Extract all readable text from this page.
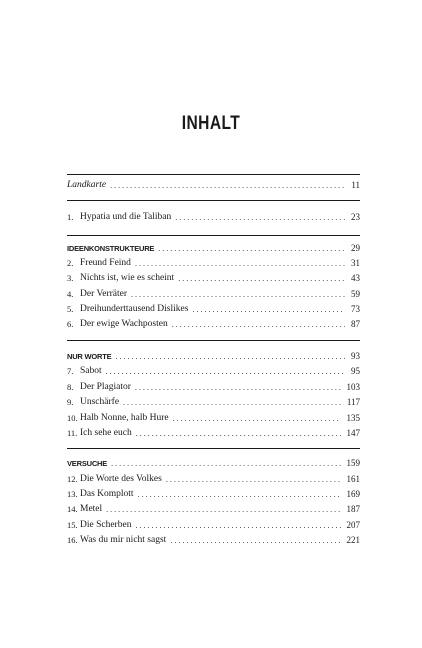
INHALT
Landkarte . . .	11
1. Hypatia und die Taliban . . .	23
IDEENKONSTRUKTEURE . . .	29
2. Freund Feind . . .	31
3. Nichts ist, wie es scheint . . .	43
4. Der Verräter . . .	59
5. Dreihunderttausend Dislikes . . .	73
6. Der ewige Wachposten . . .	87
NUR WORTE . . .	93
7. Sabot . . .	95
8. Der Plagiator . . .	103
9. Unschärfe . . .	117
10. Halb Nonne, halb Hure . . .	135
11. Ich sehe euch . . .	147
VERSUCHE . . .	159
12. Die Worte des Volkes . . .	161
13. Das Komplott . . .	169
14. Metel . . .	187
15. Die Scherben . . .	207
16. Was du mir nicht sagst . . .	221
